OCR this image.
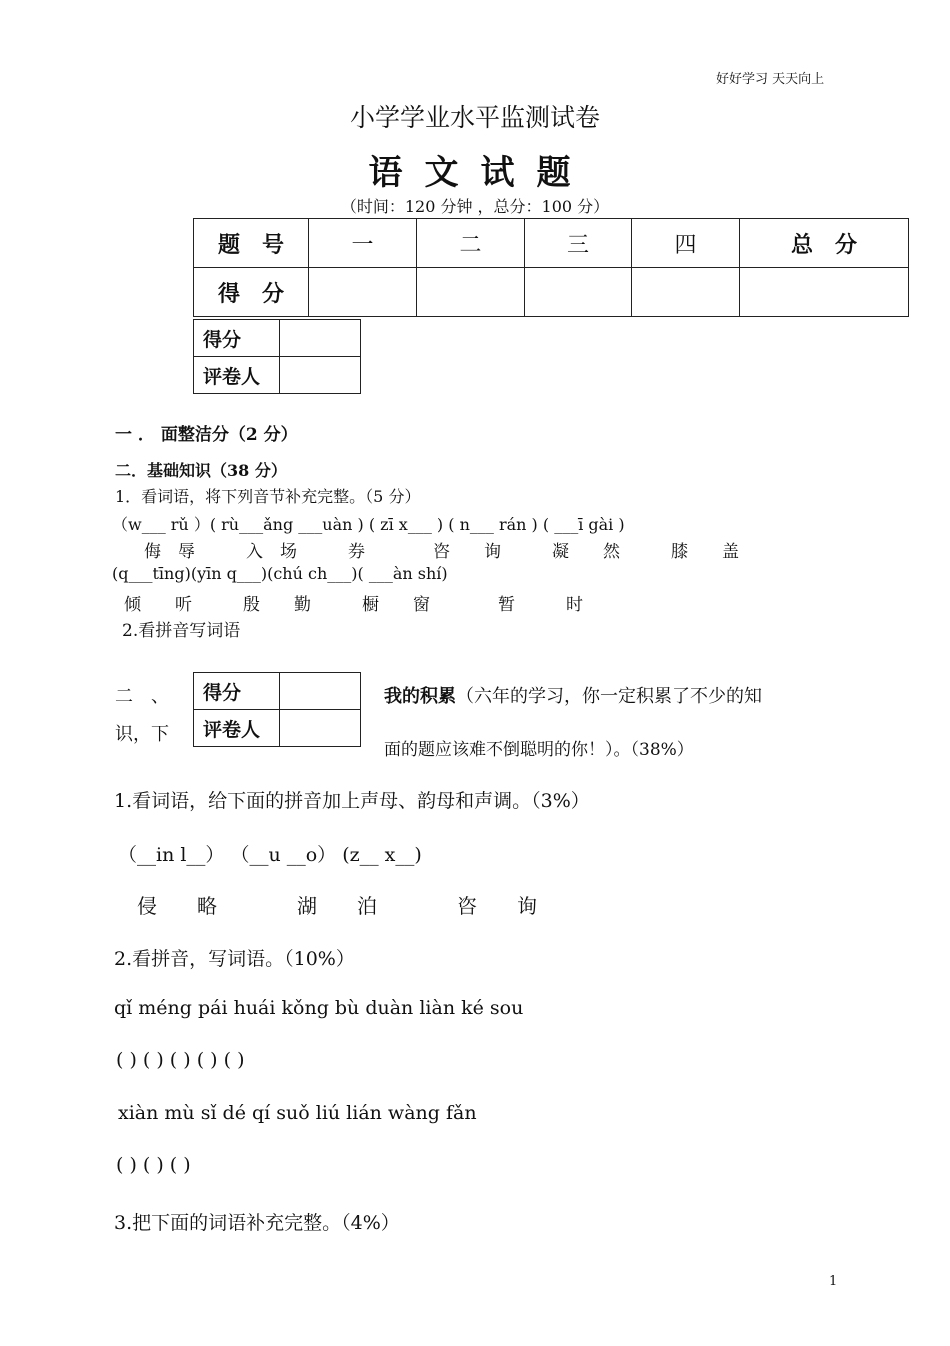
好好学习 天天向上
小学学业水平监测试卷
语文试题
（时间：120 分钟 ，总分：100 分）
题　号	一	二	三	四	总　分
得　分					
得分	
评卷人	
一 ． 面整洁分（2 分）
二．基础知识（38 分）
1．看词语，将下列音节补充完整。（5 分）
（w___ rǔ ）( rù___ǎng ___uàn ) ( zī x___ ) ( n___ rán ) ( ___ī gài )
侮　辱　　　入　场　　　券　　　　咨　　询　　　凝　　然　　　膝　　盖
(q___tīng)(yīn q___)(chú ch___)( ___àn shí)
倾　　听　　　殷　　勤　　　橱　　窗　　　　暂　　　时
2.看拼音写词语
二　、
识，下
得分	
评卷人	
我的积累（六年的学习，你一定积累了不少的知
面的题应该难不倒聪明的你！）。（38%）
1.看词语，给下面的拼音加上声母、韵母和声调。（3%）
（__in l__） （__u __o） (z__ x__)
侵　　略　　　　湖　　泊　　　　咨　　询
2.看拼音，写词语。（10%）
qǐ méng pái huái kǒng bù duàn liàn ké sou
( ) ( ) ( ) ( ) ( )
xiàn mù sǐ dé qí suǒ liú lián wàng fǎn
( ) ( ) ( )
3.把下面的词语补充完整。（4%）
1
